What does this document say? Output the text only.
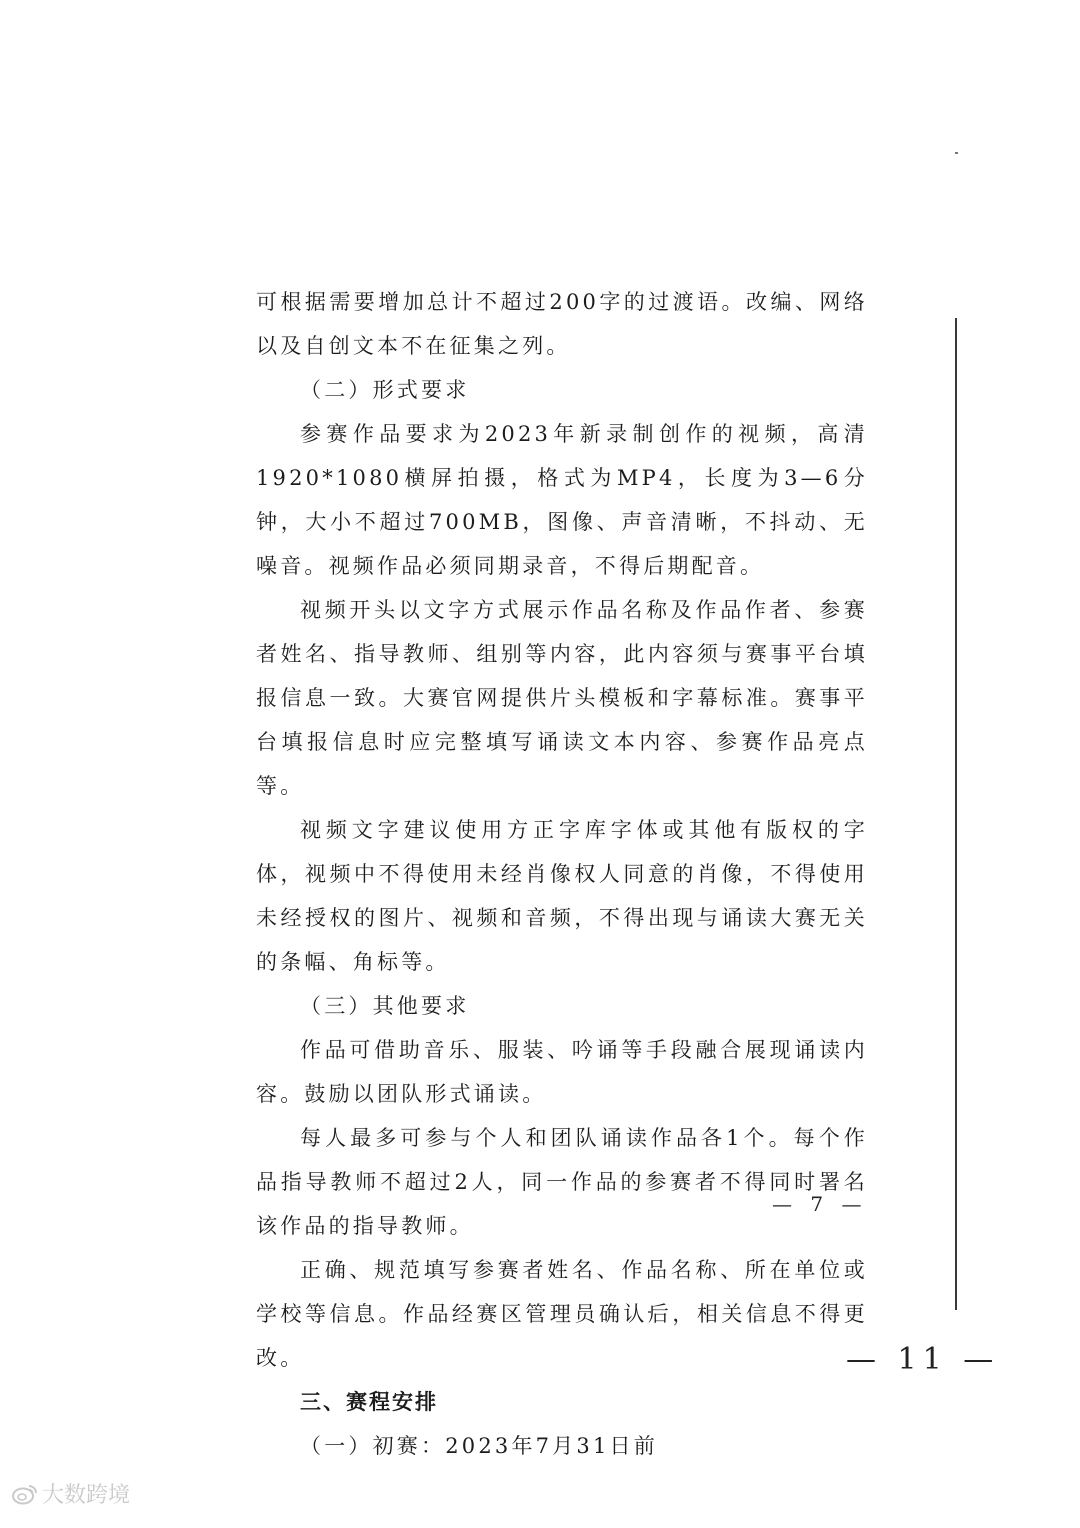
可根据需要增加总计不超过200字的过渡语。改编、网络以及自创文本不在征集之列。

（二）形式要求

参赛作品要求为2023年新录制创作的视频，高清1920*1080横屏拍摄，格式为MP4，长度为3—6分钟，大小不超过700MB，图像、声音清晰，不抖动、无噪音。视频作品必须同期录音，不得后期配音。

视频开头以文字方式展示作品名称及作品作者、参赛者姓名、指导教师、组别等内容，此内容须与赛事平台填报信息一致。大赛官网提供片头模板和字幕标准。赛事平台填报信息时应完整填写诵读文本内容、参赛作品亮点等。

视频文字建议使用方正字库字体或其他有版权的字体，视频中不得使用未经肖像权人同意的肖像，不得使用未经授权的图片、视频和音频，不得出现与诵读大赛无关的条幅、角标等。

（三）其他要求

作品可借助音乐、服装、吟诵等手段融合展现诵读内容。鼓励以团队形式诵读。

每人最多可参与个人和团队诵读作品各1个。每个作品指导教师不超过2人，同一作品的参赛者不得同时署名该作品的指导教师。

正确、规范填写参赛者姓名、作品名称、所在单位或学校等信息。作品经赛区管理员确认后，相关信息不得更改。

三、赛程安排

（一）初赛：2023年7月31日前

— 7 —
— 11 —
大数跨境
